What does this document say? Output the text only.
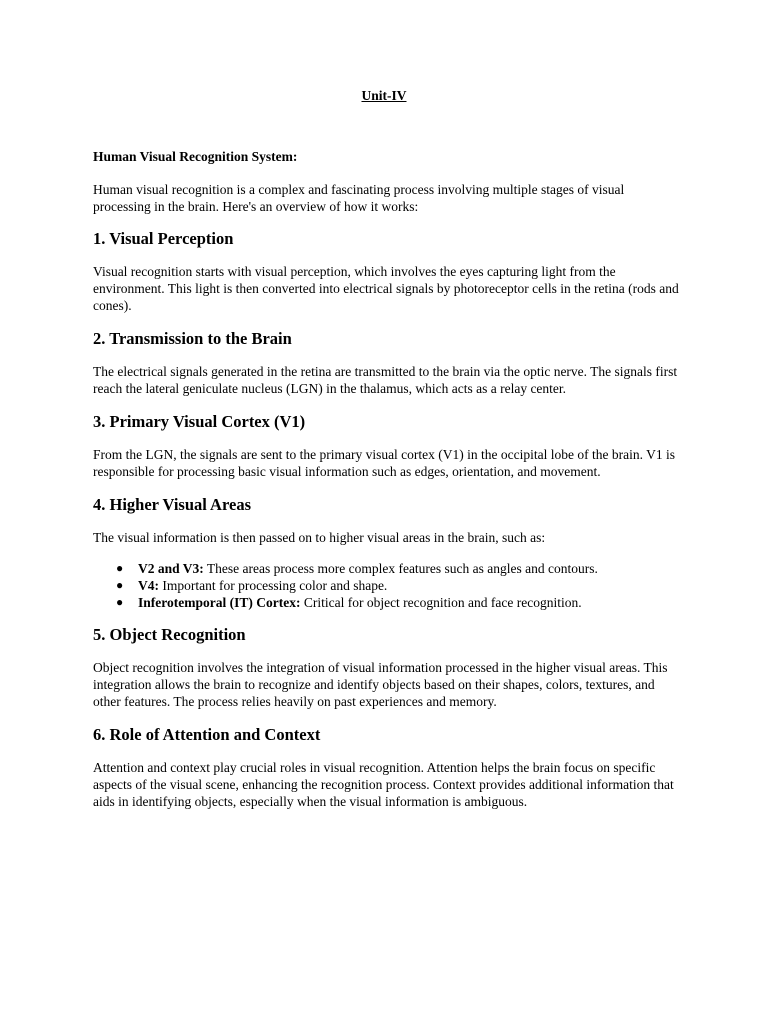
Unit-IV
Human Visual Recognition System:

Human visual recognition is a complex and fascinating process involving multiple stages of visual processing in the brain. Here's an overview of how it works:

1. Visual Perception

Visual recognition starts with visual perception, which involves the eyes capturing light from the environment. This light is then converted into electrical signals by photoreceptor cells in the retina (rods and cones).

2. Transmission to the Brain

The electrical signals generated in the retina are transmitted to the brain via the optic nerve. The signals first reach the lateral geniculate nucleus (LGN) in the thalamus, which acts as a relay center.

3. Primary Visual Cortex (V1)

From the LGN, the signals are sent to the primary visual cortex (V1) in the occipital lobe of the brain. V1 is responsible for processing basic visual information such as edges, orientation, and movement.

4. Higher Visual Areas

The visual information is then passed on to higher visual areas in the brain, such as:

● V2 and V3: These areas process more complex features such as angles and contours.
● V4: Important for processing color and shape.
● Inferotemporal (IT) Cortex: Critical for object recognition and face recognition.
5. Object Recognition

Object recognition involves the integration of visual information processed in the higher visual areas. This integration allows the brain to recognize and identify objects based on their shapes, colors, textures, and other features. The process relies heavily on past experiences and memory.

6. Role of Attention and Context

Attention and context play crucial roles in visual recognition. Attention helps the brain focus on specific aspects of the visual scene, enhancing the recognition process. Context provides additional information that aids in identifying objects, especially when the visual information is ambiguous.
